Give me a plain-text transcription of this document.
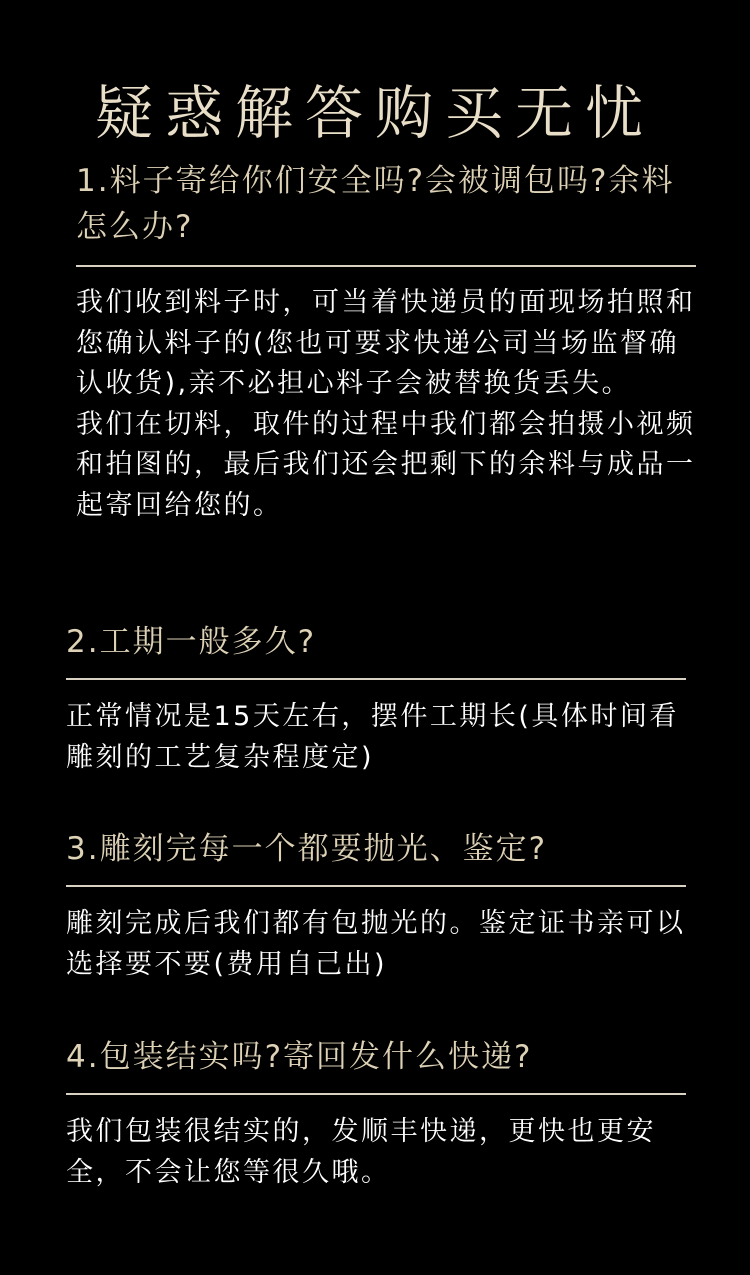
疑惑解答购买无忧
1.料子寄给你们安全吗?会被调包吗?余料怎么办?

我们收到料子时，可当着快递员的面现场拍照和您确认料子的(您也可要求快递公司当场监督确认收货),亲不必担心料子会被替换货丢失。

我们在切料，取件的过程中我们都会拍摄小视频和拍图的，最后我们还会把剩下的余料与成品一起寄回给您的。

2.工期一般多久?

正常情况是15天左右，摆件工期长(具体时间看雕刻的工艺复杂程度定)

3.雕刻完每一个都要抛光、鉴定?

雕刻完成后我们都有包抛光的。鉴定证书亲可以选择要不要(费用自己出)

4.包装结实吗?寄回发什么快递?

我们包装很结实的，发顺丰快递，更快也更安全，不会让您等很久哦。
